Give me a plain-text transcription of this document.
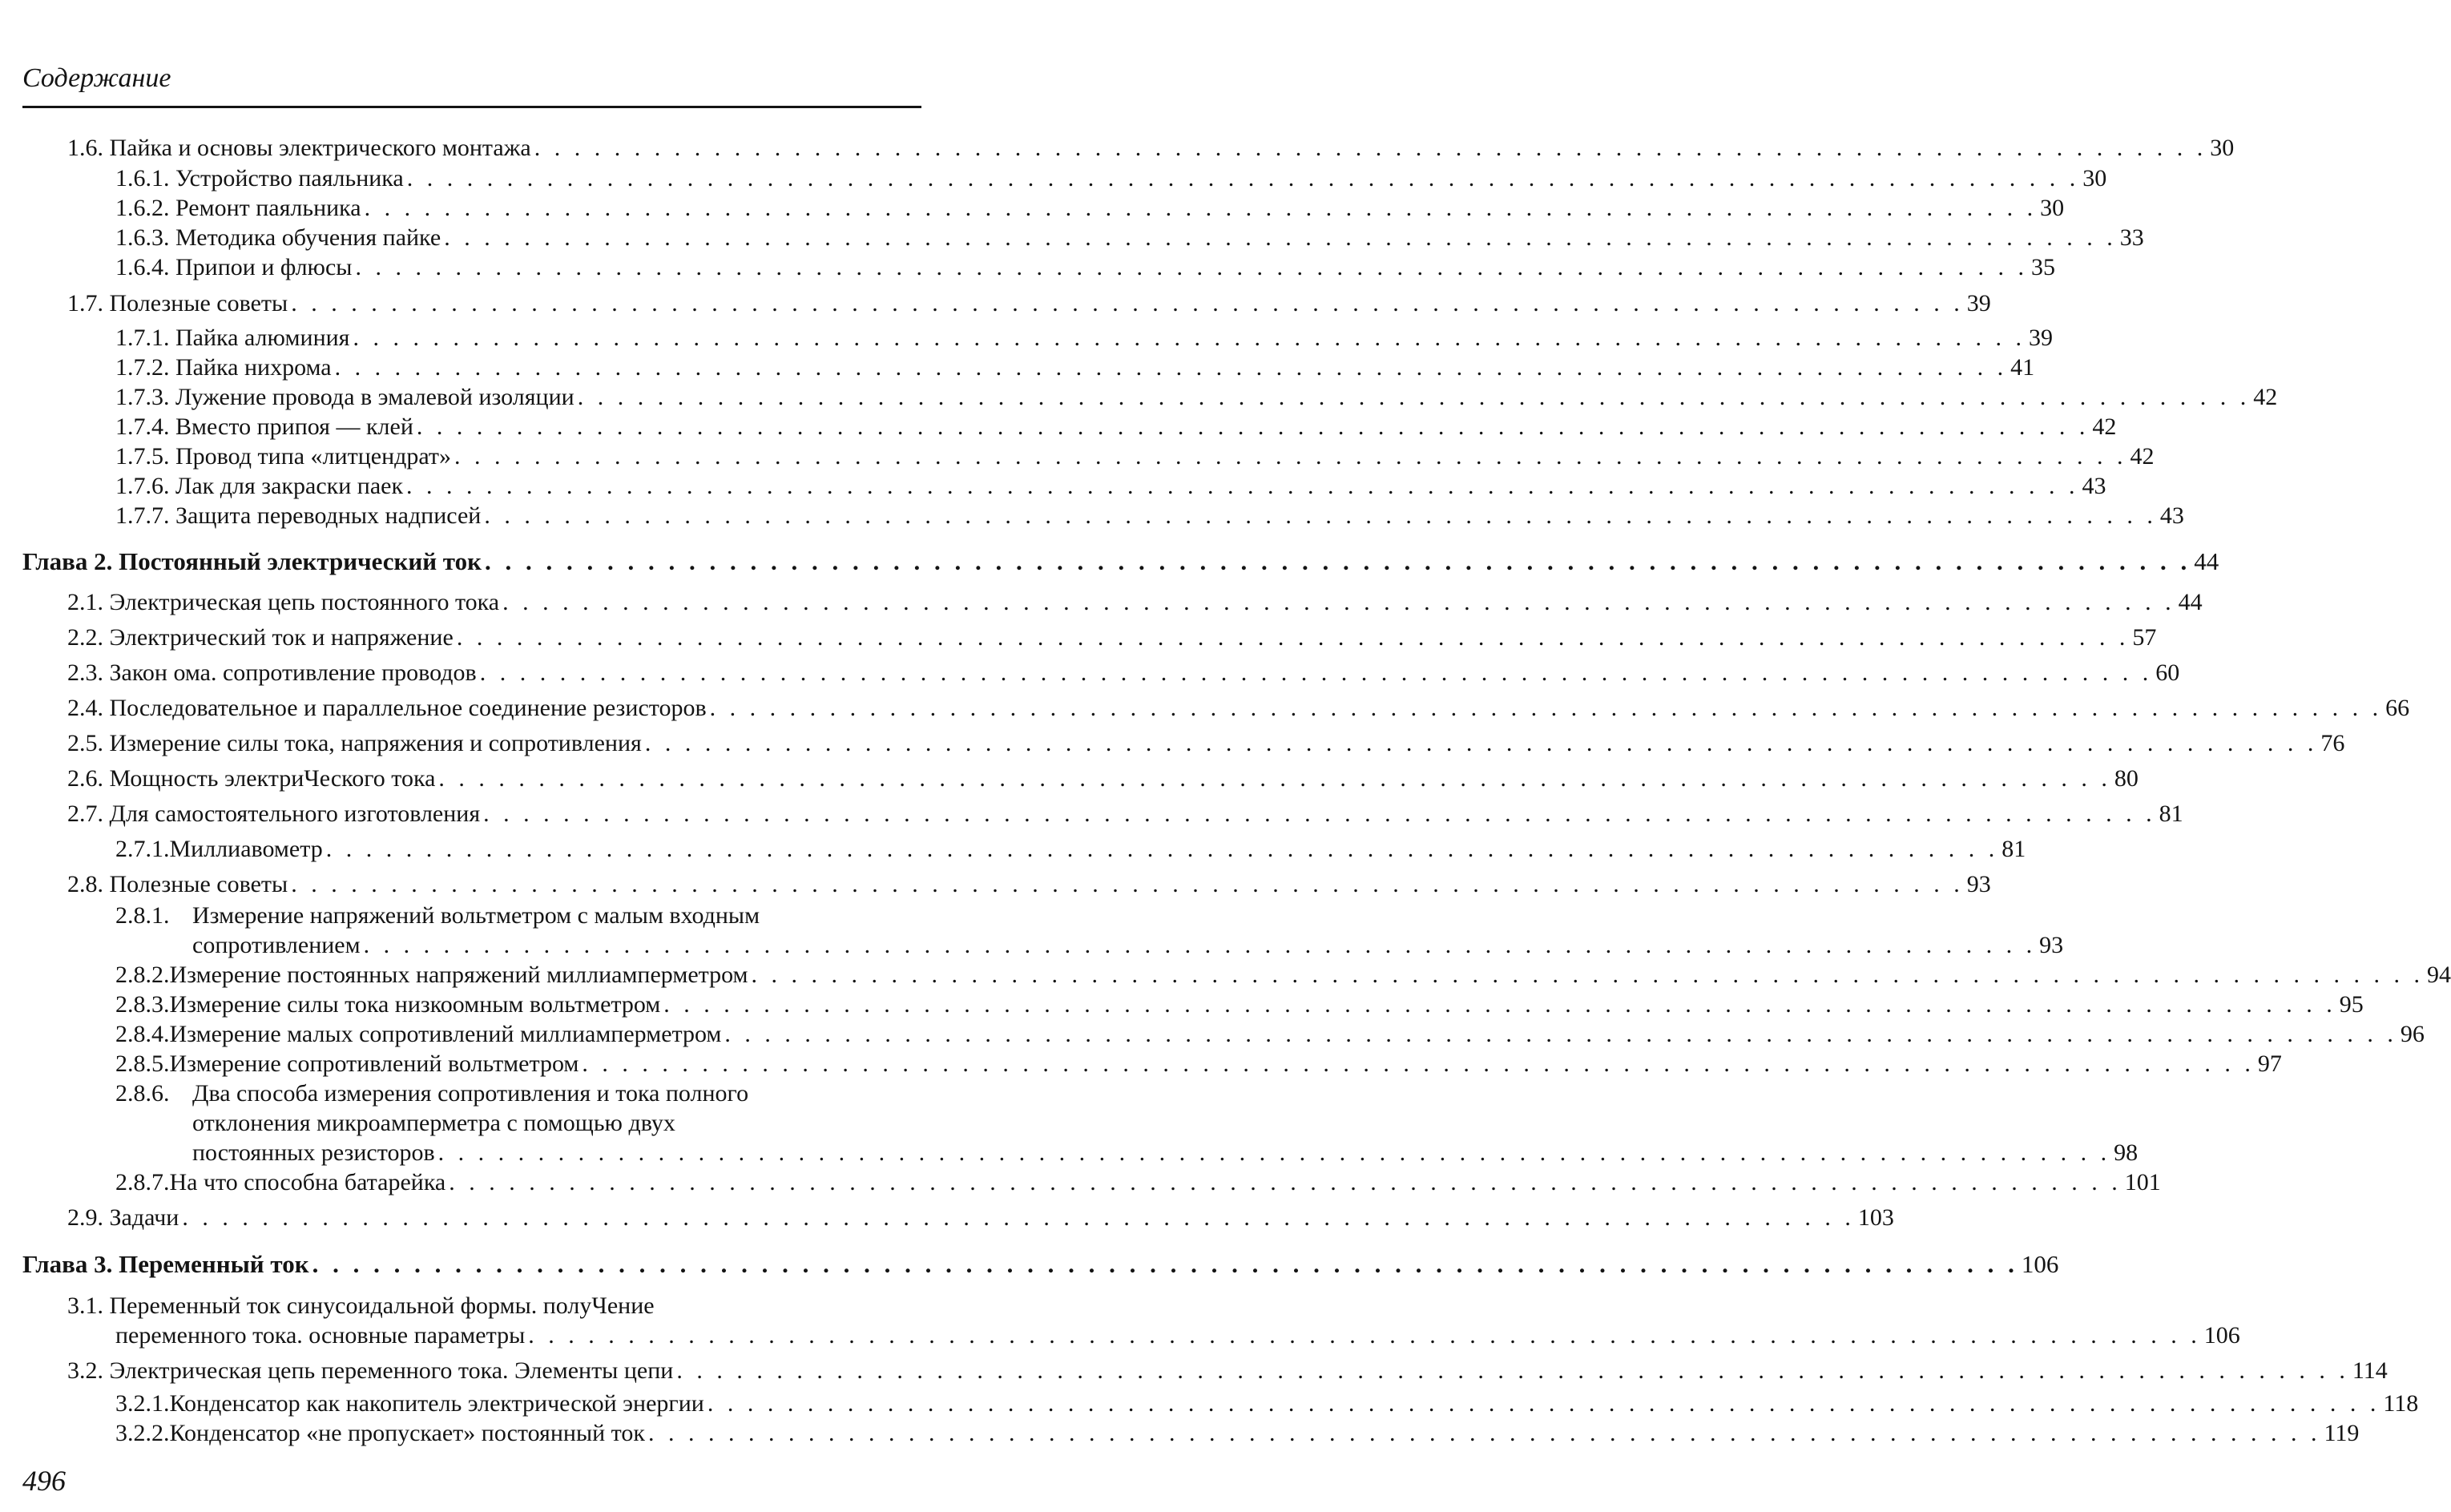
Содержание
1.6.
Пайка и основы электрического монтажа . . . . . . . . . . . . . . . . . . . . . . . . . . . . . . . . . . . . . . . . . . . . . . . . . . . . . . . . . . . . . . . . . . . . . . . . . . . . . . . . . . . . 30
1.6.1.
Устройство паяльника . . . . . . . . . . . . . . . . . . . . . . . . . . . . . . . . . . . . . . . . . . . . . . . . . . . . . . . . . . . . . . . . . . . . . . . . . . . . . . . . . . . . 30
1.6.2.
Ремонт паяльника . . . . . . . . . . . . . . . . . . . . . . . . . . . . . . . . . . . . . . . . . . . . . . . . . . . . . . . . . . . . . . . . . . . . . . . . . . . . . . . . . . . . 30
1.6.3.
Методика обучения пайке . . . . . . . . . . . . . . . . . . . . . . . . . . . . . . . . . . . . . . . . . . . . . . . . . . . . . . . . . . . . . . . . . . . . . . . . . . . . . . . . . . . . 33
1.6.4.
Припои и флюсы . . . . . . . . . . . . . . . . . . . . . . . . . . . . . . . . . . . . . . . . . . . . . . . . . . . . . . . . . . . . . . . . . . . . . . . . . . . . . . . . . . . . 35
1.7.
Полезные советы . . . . . . . . . . . . . . . . . . . . . . . . . . . . . . . . . . . . . . . . . . . . . . . . . . . . . . . . . . . . . . . . . . . . . . . . . . . . . . . . . . . . 39
1.7.1.
Пайка алюминия . . . . . . . . . . . . . . . . . . . . . . . . . . . . . . . . . . . . . . . . . . . . . . . . . . . . . . . . . . . . . . . . . . . . . . . . . . . . . . . . . . . . 39
1.7.2.
Пайка нихрома . . . . . . . . . . . . . . . . . . . . . . . . . . . . . . . . . . . . . . . . . . . . . . . . . . . . . . . . . . . . . . . . . . . . . . . . . . . . . . . . . . . . 41
1.7.3.
Лужение провода в эмалевой изоляции . . . . . . . . . . . . . . . . . . . . . . . . . . . . . . . . . . . . . . . . . . . . . . . . . . . . . . . . . . . . . . . . . . . . . . . . . . . . . . . . . . . . 42
1.7.4.
Вместо припоя — клей . . . . . . . . . . . . . . . . . . . . . . . . . . . . . . . . . . . . . . . . . . . . . . . . . . . . . . . . . . . . . . . . . . . . . . . . . . . . . . . . . . . . 42
1.7.5.
Провод типа «литцендрат» . . . . . . . . . . . . . . . . . . . . . . . . . . . . . . . . . . . . . . . . . . . . . . . . . . . . . . . . . . . . . . . . . . . . . . . . . . . . . . . . . . . . 42
1.7.6.
Лак для закраски паек . . . . . . . . . . . . . . . . . . . . . . . . . . . . . . . . . . . . . . . . . . . . . . . . . . . . . . . . . . . . . . . . . . . . . . . . . . . . . . . . . . . . 43
1.7.7.
Защита переводных надписей . . . . . . . . . . . . . . . . . . . . . . . . . . . . . . . . . . . . . . . . . . . . . . . . . . . . . . . . . . . . . . . . . . . . . . . . . . . . . . . . . . . . 43
Глава 2.
Постоянный электрический ток . . . . . . . . . . . . . . . . . . . . . . . . . . . . . . . . . . . . . . . . . . . . . . . . . . . . . . . . . . . . . . . . . . . . . . . . . . . . . . . . . . . . 44
2.1.
Электрическая цепь постоянного тока . . . . . . . . . . . . . . . . . . . . . . . . . . . . . . . . . . . . . . . . . . . . . . . . . . . . . . . . . . . . . . . . . . . . . . . . . . . . . . . . . . . . 44
2.2.
Электрический ток и напряжение . . . . . . . . . . . . . . . . . . . . . . . . . . . . . . . . . . . . . . . . . . . . . . . . . . . . . . . . . . . . . . . . . . . . . . . . . . . . . . . . . . . . 57
2.3.
Закон ома. сопротивление проводов . . . . . . . . . . . . . . . . . . . . . . . . . . . . . . . . . . . . . . . . . . . . . . . . . . . . . . . . . . . . . . . . . . . . . . . . . . . . . . . . . . . . 60
2.4.
Последовательное и параллельное соединение резисторов . . . . . . . . . . . . . . . . . . . . . . . . . . . . . . . . . . . . . . . . . . . . . . . . . . . . . . . . . . . . . . . . . . . . . . . . . . . . . . . . . . . . 66
2.5.
Измерение силы тока, напряжения и сопротивления . . . . . . . . . . . . . . . . . . . . . . . . . . . . . . . . . . . . . . . . . . . . . . . . . . . . . . . . . . . . . . . . . . . . . . . . . . . . . . . . . . . . 76
2.6.
Мощность электриЧеского тока . . . . . . . . . . . . . . . . . . . . . . . . . . . . . . . . . . . . . . . . . . . . . . . . . . . . . . . . . . . . . . . . . . . . . . . . . . . . . . . . . . . . 80
2.7.
Для самостоятельного изготовления . . . . . . . . . . . . . . . . . . . . . . . . . . . . . . . . . . . . . . . . . . . . . . . . . . . . . . . . . . . . . . . . . . . . . . . . . . . . . . . . . . . . 81
2.7.1. Миллиавометр . . . . . . . . . . . . . . . . . . . . . . . . . . . . . . . . . . . . . . . . . . . . . . . . . . . . . . . . . . . . . . . . . . . . . . . . . . . . . . . . . . . . 81
2.8.
Полезные советы . . . . . . . . . . . . . . . . . . . . . . . . . . . . . . . . . . . . . . . . . . . . . . . . . . . . . . . . . . . . . . . . . . . . . . . . . . . . . . . . . . . . 93
2.8.1. Измерение напряжений вольтметром с малым входным
сопротивлением . . . . . . . . . . . . . . . . . . . . . . . . . . . . . . . . . . . . . . . . . . . . . . . . . . . . . . . . . . . . . . . . . . . . . . . . . . . . . . . . . . . . 93
2.8.2. Измерение постоянных напряжений миллиамперметром . . . . . . . . . . . . . . . . . . . . . . . . . . . . . . . . . . . . . . . . . . . . . . . . . . . . . . . . . . . . . . . . . . . . . . . . . . . . . . . . . . . . 94
2.8.3. Измерение силы тока низкоомным вольтметром . . . . . . . . . . . . . . . . . . . . . . . . . . . . . . . . . . . . . . . . . . . . . . . . . . . . . . . . . . . . . . . . . . . . . . . . . . . . . . . . . . . . 95
2.8.4. Измерение малых сопротивлений миллиамперметром . . . . . . . . . . . . . . . . . . . . . . . . . . . . . . . . . . . . . . . . . . . . . . . . . . . . . . . . . . . . . . . . . . . . . . . . . . . . . . . . . . . . 96
2.8.5. Измерение сопротивлений вольтметром . . . . . . . . . . . . . . . . . . . . . . . . . . . . . . . . . . . . . . . . . . . . . . . . . . . . . . . . . . . . . . . . . . . . . . . . . . . . . . . . . . . . 97
2.8.6. Два способа измерения сопротивления и тока полного
отклонения микроамперметра с помощью двух
постоянных резисторов . . . . . . . . . . . . . . . . . . . . . . . . . . . . . . . . . . . . . . . . . . . . . . . . . . . . . . . . . . . . . . . . . . . . . . . . . . . . . . . . . . . . 98
2.8.7. На что способна батарейка . . . . . . . . . . . . . . . . . . . . . . . . . . . . . . . . . . . . . . . . . . . . . . . . . . . . . . . . . . . . . . . . . . . . . . . . . . . . . . . . . . . . 101
2.9.
Задачи . . . . . . . . . . . . . . . . . . . . . . . . . . . . . . . . . . . . . . . . . . . . . . . . . . . . . . . . . . . . . . . . . . . . . . . . . . . . . . . . . . . . 103
Глава 3.
Переменный ток . . . . . . . . . . . . . . . . . . . . . . . . . . . . . . . . . . . . . . . . . . . . . . . . . . . . . . . . . . . . . . . . . . . . . . . . . . . . . . . . . . . . 106
3.1. Переменный ток синусоидальной формы. полуЧение
переменного тока. основные параметры . . . . . . . . . . . . . . . . . . . . . . . . . . . . . . . . . . . . . . . . . . . . . . . . . . . . . . . . . . . . . . . . . . . . . . . . . . . . . . . . . . . . 106
3.2.
Электрическая цепь переменного тока. Элементы цепи . . . . . . . . . . . . . . . . . . . . . . . . . . . . . . . . . . . . . . . . . . . . . . . . . . . . . . . . . . . . . . . . . . . . . . . . . . . . . . . . . . . . 114
3.2.1. Конденсатор как накопитель электрической энергии . . . . . . . . . . . . . . . . . . . . . . . . . . . . . . . . . . . . . . . . . . . . . . . . . . . . . . . . . . . . . . . . . . . . . . . . . . . . . . . . . . . . 118
3.2.2. Конденсатор «не пропускает» постоянный ток . . . . . . . . . . . . . . . . . . . . . . . . . . . . . . . . . . . . . . . . . . . . . . . . . . . . . . . . . . . . . . . . . . . . . . . . . . . . . . . . . . . . 119
496
